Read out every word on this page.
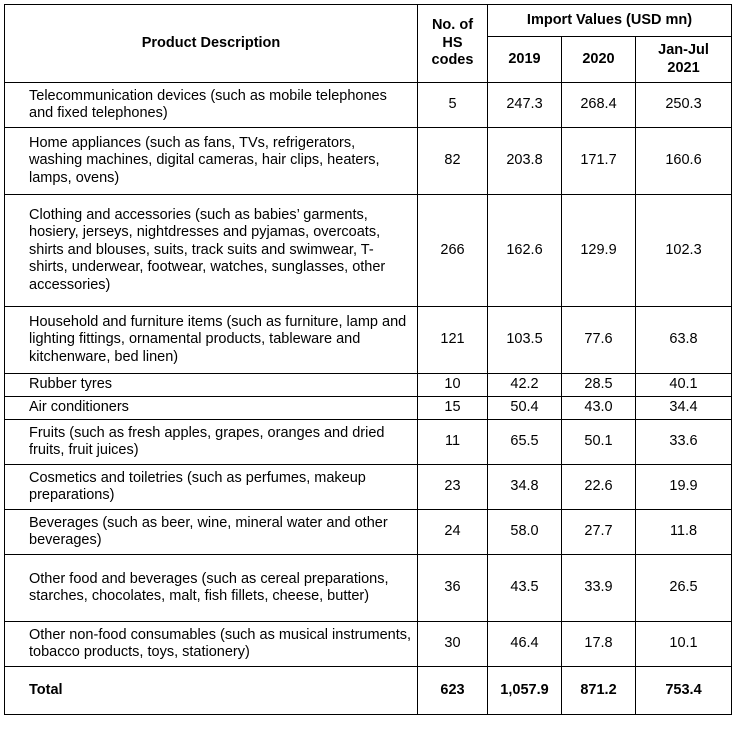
Product Description	No. of HS codes	Import Values (USD mn)		
		2019	2020	Jan-Jul 2021
Telecommunication devices (such as mobile telephones and fixed telephones)	5	247.3	268.4	250.3
Home appliances (such as fans, TVs, refrigerators, washing machines, digital cameras, hair clips, heaters, lamps, ovens)	82	203.8	171.7	160.6
Clothing and accessories (such as babies’ garments, hosiery, jerseys, nightdresses and pyjamas, overcoats, shirts and blouses, suits, track suits and swimwear, T-shirts, underwear, footwear, watches, sunglasses, other accessories)	266	162.6	129.9	102.3
Household and furniture items (such as furniture, lamp and lighting fittings, ornamental products, tableware and kitchenware, bed linen)	121	103.5	77.6	63.8
Rubber tyres	10	42.2	28.5	40.1
Air conditioners	15	50.4	43.0	34.4
Fruits (such as fresh apples, grapes, oranges and dried fruits, fruit juices)	11	65.5	50.1	33.6
Cosmetics and toiletries (such as perfumes, makeup preparations)	23	34.8	22.6	19.9
Beverages (such as beer, wine, mineral water and other beverages)	24	58.0	27.7	11.8
Other food and beverages (such as cereal preparations, starches, chocolates, malt, fish fillets, cheese, butter)	36	43.5	33.9	26.5
Other non-food consumables (such as musical instruments, tobacco products, toys, stationery)	30	46.4	17.8	10.1
Total	623	1,057.9	871.2	753.4
